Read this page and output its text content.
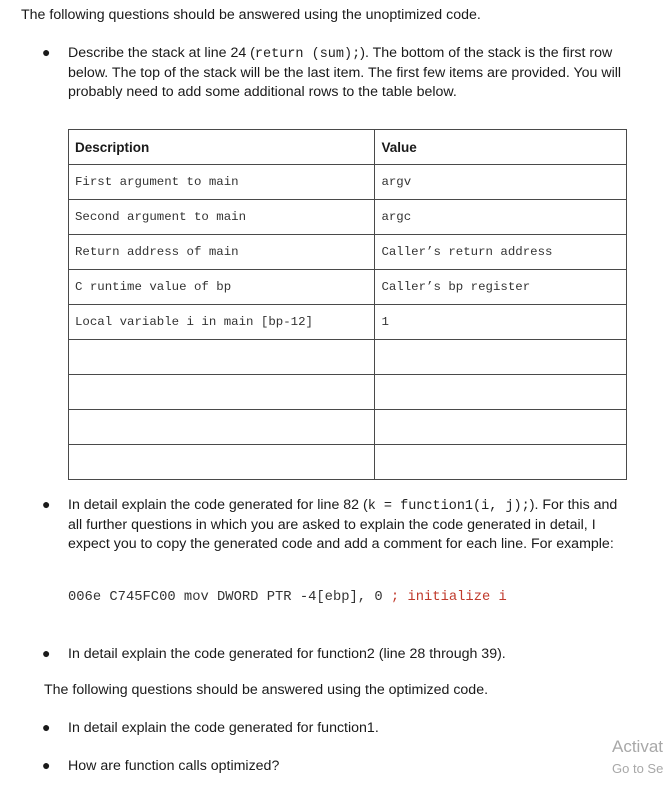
The following questions should be answered using the unoptimized code.
● Describe the stack at line 24 (return (sum);). The bottom of the stack is the first row below. The top of the stack will be the last item. The first few items are provided. You will probably need to add some additional rows to the table below.
Description	Value
First argument to main	argv
Second argument to main	argc
Return address of main	Caller’s return address
C runtime value of bp	Caller’s bp register
Local variable i in main [bp-12]	1

● In detail explain the code generated for line 82 (k = function1(i, j);). For this and all further questions in which you are asked to explain the code generated in detail, I expect you to copy the generated code and add a comment for each line. For example:
006e C745FC00 mov DWORD PTR -4[ebp], 0 ; initialize i
● In detail explain the code generated for function2 (line 28 through 39).
The following questions should be answered using the optimized code.
● In detail explain the code generated for function1.
● How are function calls optimized?
Activat
Go to Se
